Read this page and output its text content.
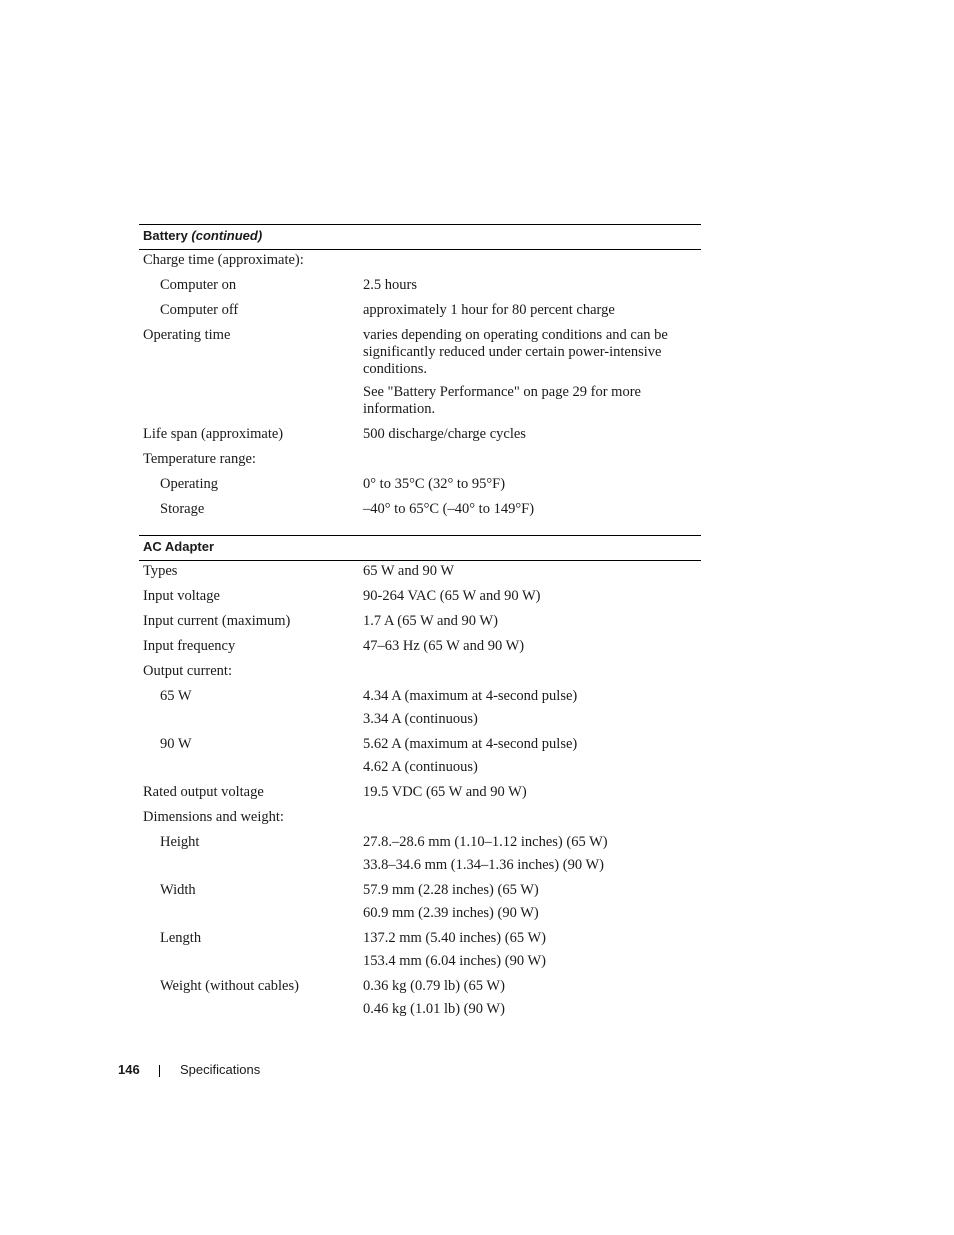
Battery (continued)
Charge time (approximate):
Computer on	2.5 hours
Computer off	approximately 1 hour for 80 percent charge
Operating time	varies depending on operating conditions and can be significantly reduced under certain power-intensive conditions.
See "Battery Performance" on page 29 for more information.
Life span (approximate)	500 discharge/charge cycles
Temperature range:
Operating	0° to 35°C (32° to 95°F)
Storage	–40° to 65°C (–40° to 149°F)
AC Adapter
Types	65 W and 90 W
Input voltage	90-264 VAC (65 W and 90 W)
Input current (maximum)	1.7 A (65 W and 90 W)
Input frequency	47–63 Hz (65 W and 90 W)
Output current:
65 W	4.34 A (maximum at 4-second pulse)
3.34 A (continuous)
90 W	5.62 A (maximum at 4-second pulse)
4.62 A (continuous)
Rated output voltage	19.5 VDC (65 W and 90 W)
Dimensions and weight:
Height	27.8.–28.6 mm (1.10–1.12 inches) (65 W)
33.8–34.6 mm (1.34–1.36 inches) (90 W)
Width	57.9 mm (2.28 inches) (65 W)
60.9 mm (2.39 inches) (90 W)
Length	137.2 mm (5.40 inches) (65 W)
153.4 mm (6.04 inches) (90 W)
Weight (without cables)	0.36 kg (0.79 lb) (65 W)
0.46 kg (1.01 lb) (90 W)
146	Specifications
